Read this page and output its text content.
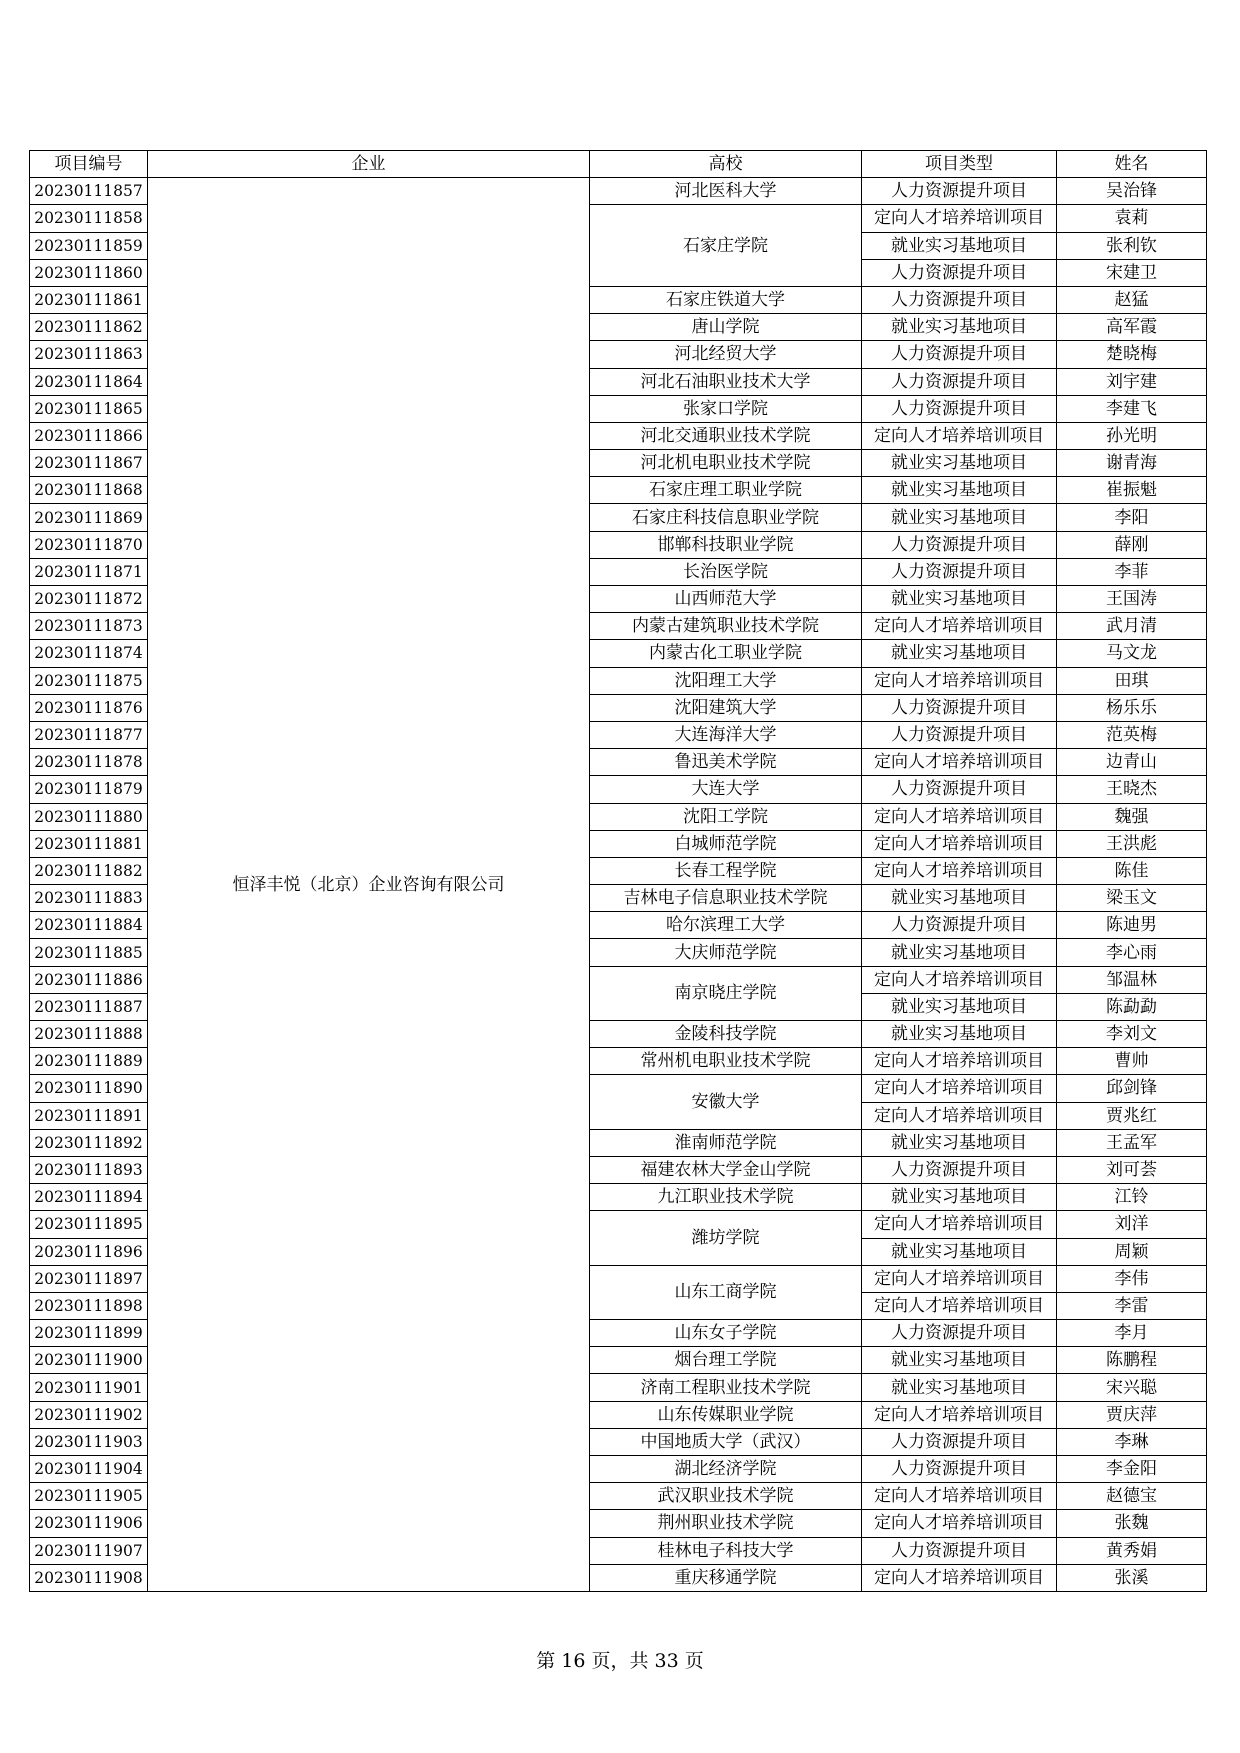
项目编号	企业	高校	项目类型	姓名
20230111857	恒泽丰悦（北京）企业咨询有限公司	河北医科大学	人力资源提升项目	吴治锋
20230111858		石家庄学院	定向人才培养培训项目	袁莉
20230111859			就业实习基地项目	张利钦
20230111860			人力资源提升项目	宋建卫
20230111861		石家庄铁道大学	人力资源提升项目	赵猛
20230111862		唐山学院	就业实习基地项目	高军霞
20230111863		河北经贸大学	人力资源提升项目	楚晓梅
20230111864		河北石油职业技术大学	人力资源提升项目	刘宇建
20230111865		张家口学院	人力资源提升项目	李建飞
20230111866		河北交通职业技术学院	定向人才培养培训项目	孙光明
20230111867		河北机电职业技术学院	就业实习基地项目	谢青海
20230111868		石家庄理工职业学院	就业实习基地项目	崔振魁
20230111869		石家庄科技信息职业学院	就业实习基地项目	李阳
20230111870		邯郸科技职业学院	人力资源提升项目	薛刚
20230111871		长治医学院	人力资源提升项目	李菲
20230111872		山西师范大学	就业实习基地项目	王国涛
20230111873		内蒙古建筑职业技术学院	定向人才培养培训项目	武月清
20230111874		内蒙古化工职业学院	就业实习基地项目	马文龙
20230111875		沈阳理工大学	定向人才培养培训项目	田琪
20230111876		沈阳建筑大学	人力资源提升项目	杨乐乐
20230111877		大连海洋大学	人力资源提升项目	范英梅
20230111878		鲁迅美术学院	定向人才培养培训项目	边青山
20230111879		大连大学	人力资源提升项目	王晓杰
20230111880		沈阳工学院	定向人才培养培训项目	魏强
20230111881		白城师范学院	定向人才培养培训项目	王洪彪
20230111882		长春工程学院	定向人才培养培训项目	陈佳
20230111883		吉林电子信息职业技术学院	就业实习基地项目	梁玉文
20230111884		哈尔滨理工大学	人力资源提升项目	陈迪男
20230111885		大庆师范学院	就业实习基地项目	李心雨
20230111886		南京晓庄学院	定向人才培养培训项目	邹温林
20230111887			就业实习基地项目	陈勐勐
20230111888		金陵科技学院	就业实习基地项目	李刘文
20230111889		常州机电职业技术学院	定向人才培养培训项目	曹帅
20230111890		安徽大学	定向人才培养培训项目	邱剑锋
20230111891			定向人才培养培训项目	贾兆红
20230111892		淮南师范学院	就业实习基地项目	王孟军
20230111893		福建农林大学金山学院	人力资源提升项目	刘可荟
20230111894		九江职业技术学院	就业实习基地项目	江铃
20230111895		潍坊学院	定向人才培养培训项目	刘洋
20230111896			就业实习基地项目	周颖
20230111897		山东工商学院	定向人才培养培训项目	李伟
20230111898			定向人才培养培训项目	李雷
20230111899		山东女子学院	人力资源提升项目	李月
20230111900		烟台理工学院	就业实习基地项目	陈鹏程
20230111901		济南工程职业技术学院	就业实习基地项目	宋兴聪
20230111902		山东传媒职业学院	定向人才培养培训项目	贾庆萍
20230111903		中国地质大学（武汉）	人力资源提升项目	李琳
20230111904		湖北经济学院	人力资源提升项目	李金阳
20230111905		武汉职业技术学院	定向人才培养培训项目	赵德宝
20230111906		荆州职业技术学院	定向人才培养培训项目	张魏
20230111907		桂林电子科技大学	人力资源提升项目	黄秀娟
20230111908		重庆移通学院	定向人才培养培训项目	张溪
第 16 页，共 33 页
